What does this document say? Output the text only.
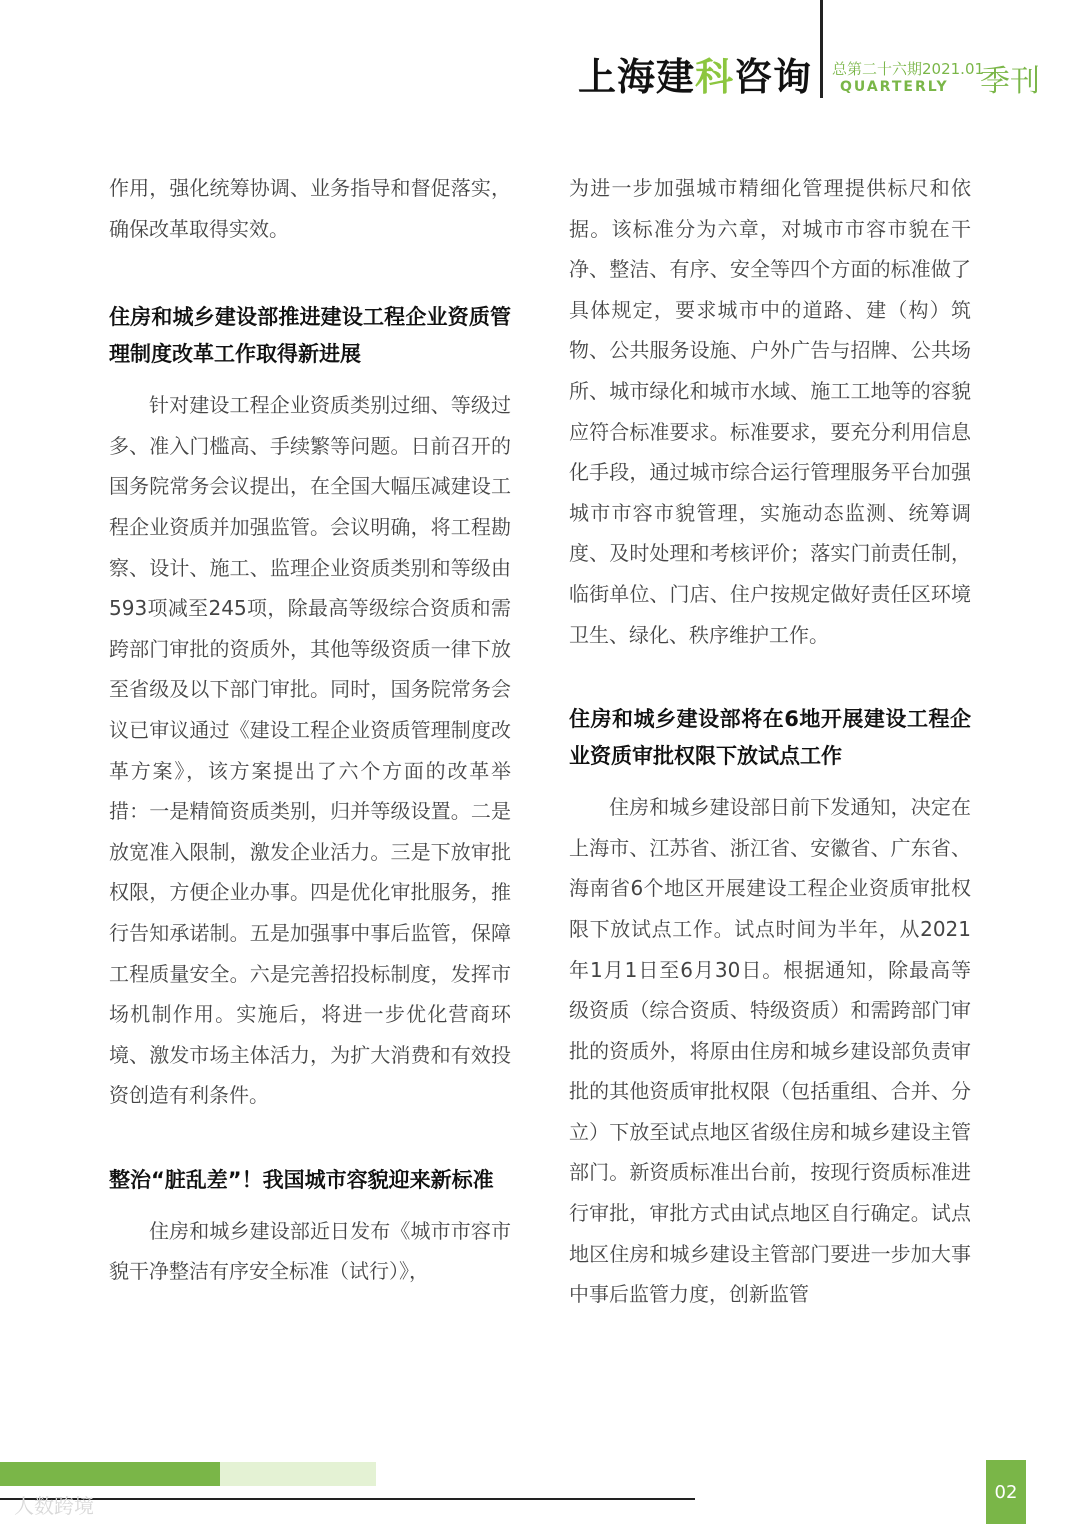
上海建科咨询 总第二十六期2021.01
QUARTERLY 季刊

作用，强化统筹协调、业务指导和督促落实，确保改革取得实效。

住房和城乡建设部推进建设工程企业资质管理制度改革工作取得新进展

针对建设工程企业资质类别过细、等级过多、准入门槛高、手续繁等问题。日前召开的国务院常务会议提出，在全国大幅压减建设工程企业资质并加强监管。会议明确，将工程勘察、设计、施工、监理企业资质类别和等级由593项减至245项，除最高等级综合资质和需跨部门审批的资质外，其他等级资质一律下放至省级及以下部门审批。同时，国务院常务会议已审议通过《建设工程企业资质管理制度改革方案》，该方案提出了六个方面的改革举措：一是精简资质类别，归并等级设置。二是放宽准入限制，激发企业活力。三是下放审批权限，方便企业办事。四是优化审批服务，推行告知承诺制。五是加强事中事后监管，保障工程质量安全。六是完善招投标制度，发挥市场机制作用。实施后，将进一步优化营商环境、激发市场主体活力，为扩大消费和有效投资创造有利条件。

整治“脏乱差”！我国城市容貌迎来新标准

住房和城乡建设部近日发布《城市市容市貌干净整洁有序安全标准（试行）》，

为进一步加强城市精细化管理提供标尺和依据。该标准分为六章，对城市市容市貌在干净、整洁、有序、安全等四个方面的标准做了具体规定，要求城市中的道路、建（构）筑物、公共服务设施、户外广告与招牌、公共场所、城市绿化和城市水域、施工工地等的容貌应符合标准要求。标准要求，要充分利用信息化手段，通过城市综合运行管理服务平台加强城市市容市貌管理，实施动态监测、统筹调度、及时处理和考核评价；落实门前责任制，临街单位、门店、住户按规定做好责任区环境卫生、绿化、秩序维护工作。

住房和城乡建设部将在6地开展建设工程企业资质审批权限下放试点工作

住房和城乡建设部日前下发通知，决定在上海市、江苏省、浙江省、安徽省、广东省、海南省6个地区开展建设工程企业资质审批权限下放试点工作。试点时间为半年，从2021年1月1日至6月30日。根据通知，除最高等级资质（综合资质、特级资质）和需跨部门审批的资质外，将原由住房和城乡建设部负责审批的其他资质审批权限（包括重组、合并、分立）下放至试点地区省级住房和城乡建设主管部门。新资质标准出台前，按现行资质标准进行审批，审批方式由试点地区自行确定。试点地区住房和城乡建设主管部门要进一步加大事中事后监管力度，创新监管

02
人数跨境
